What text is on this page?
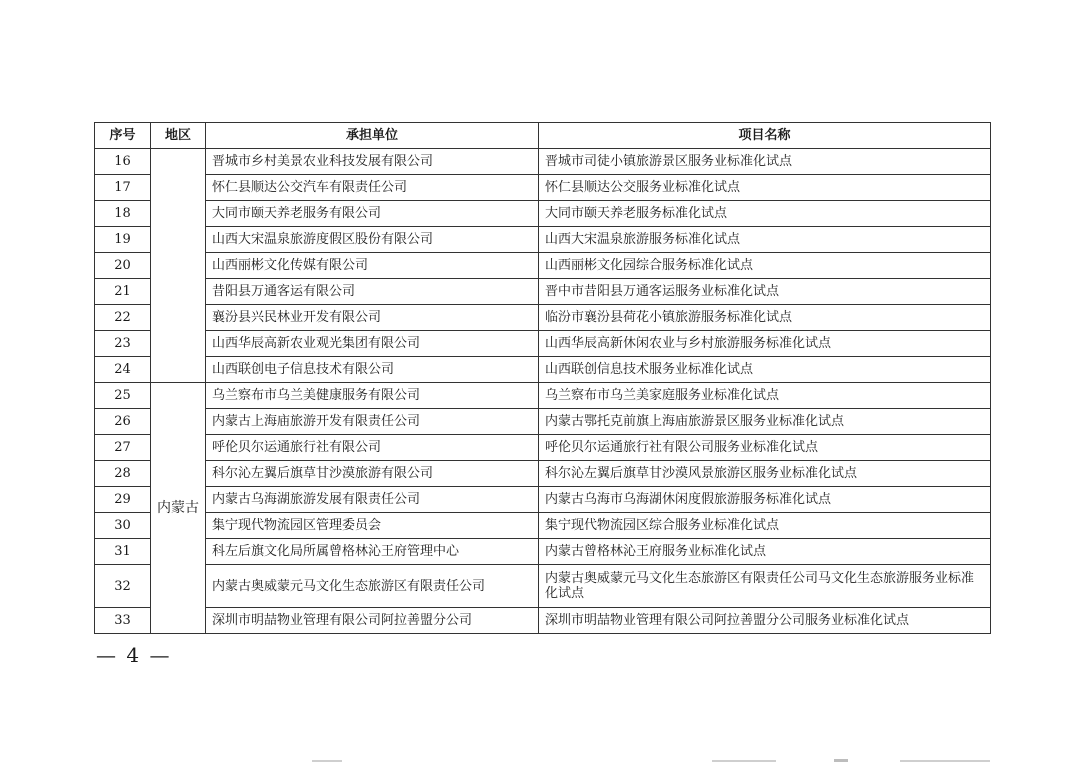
序号	地区	承担单位	项目名称
16		晋城市乡村美景农业科技发展有限公司	晋城市司徒小镇旅游景区服务业标准化试点
17		怀仁县顺达公交汽车有限责任公司	怀仁县顺达公交服务业标准化试点
18		大同市颐天养老服务有限公司	大同市颐天养老服务标准化试点
19		山西大宋温泉旅游度假区股份有限公司	山西大宋温泉旅游服务标准化试点
20		山西丽彬文化传媒有限公司	山西丽彬文化园综合服务标准化试点
21		昔阳县万通客运有限公司	晋中市昔阳县万通客运服务业标准化试点
22		襄汾县兴民林业开发有限公司	临汾市襄汾县荷花小镇旅游服务标准化试点
23		山西华辰高新农业观光集团有限公司	山西华辰高新休闲农业与乡村旅游服务标准化试点
24		山西联创电子信息技术有限公司	山西联创信息技术服务业标准化试点
25	内蒙古	乌兰察布市乌兰美健康服务有限公司	乌兰察布市乌兰美家庭服务业标准化试点
26		内蒙古上海庙旅游开发有限责任公司	内蒙古鄂托克前旗上海庙旅游景区服务业标准化试点
27		呼伦贝尔运通旅行社有限公司	呼伦贝尔运通旅行社有限公司服务业标准化试点
28		科尔沁左翼后旗草甘沙漠旅游有限公司	科尔沁左翼后旗草甘沙漠风景旅游区服务业标准化试点
29		内蒙古乌海湖旅游发展有限责任公司	内蒙古乌海市乌海湖休闲度假旅游服务标准化试点
30		集宁现代物流园区管理委员会	集宁现代物流园区综合服务业标准化试点
31		科左后旗文化局所属曾格林沁王府管理中心	内蒙古曾格林沁王府服务业标准化试点
32		内蒙古奥威蒙元马文化生态旅游区有限责任公司	内蒙古奥威蒙元马文化生态旅游区有限责任公司马文化生态旅游服务业标准化试点
33		深圳市明喆物业管理有限公司阿拉善盟分公司	深圳市明喆物业管理有限公司阿拉善盟分公司服务业标准化试点
— 4 —
